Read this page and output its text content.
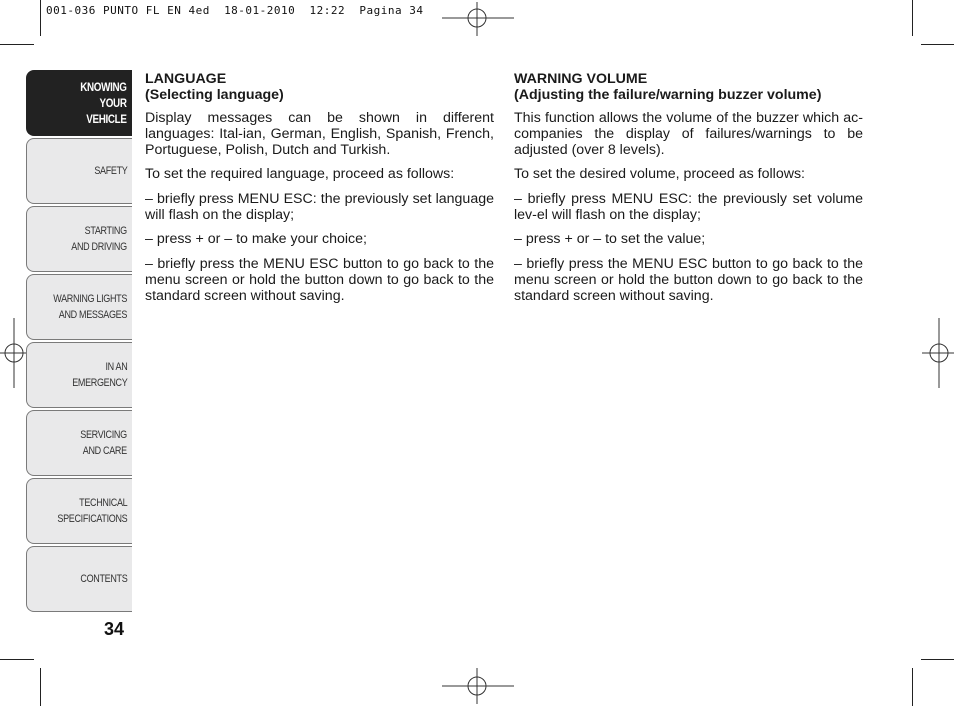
001-036 PUNTO FL EN 4ed  18-01-2010  12:22  Pagina 34
KNOWING
YOUR
VEHICLE
SAFETY
STARTING
AND DRIVING
WARNING LIGHTS
AND MESSAGES
IN AN
EMERGENCY
SERVICING
AND CARE
TECHNICAL
SPECIFICATIONS
CONTENTS
34

LANGUAGE

(Selecting language)

Display messages can be shown in different languages: Ital-ian, German, English, Spanish, French, Portuguese, Polish, Dutch and Turkish.

To set the required language, proceed as follows:

– briefly press MENU ESC: the previously set language will flash on the display;

– press + or – to make your choice;

– briefly press the MENU ESC button to go back to the menu screen or hold the button down to go back to the standard screen without saving.

WARNING VOLUME

(Adjusting the failure/warning buzzer volume)

This function allows the volume of the buzzer which ac-companies the display of failures/warnings to be adjusted (over 8 levels).

To set the desired volume, proceed as follows:

– briefly press MENU ESC: the previously set volume lev-el will flash on the display;

– press + or – to set the value;

– briefly press the MENU ESC button to go back to the menu screen or hold the button down to go back to the standard screen without saving.
